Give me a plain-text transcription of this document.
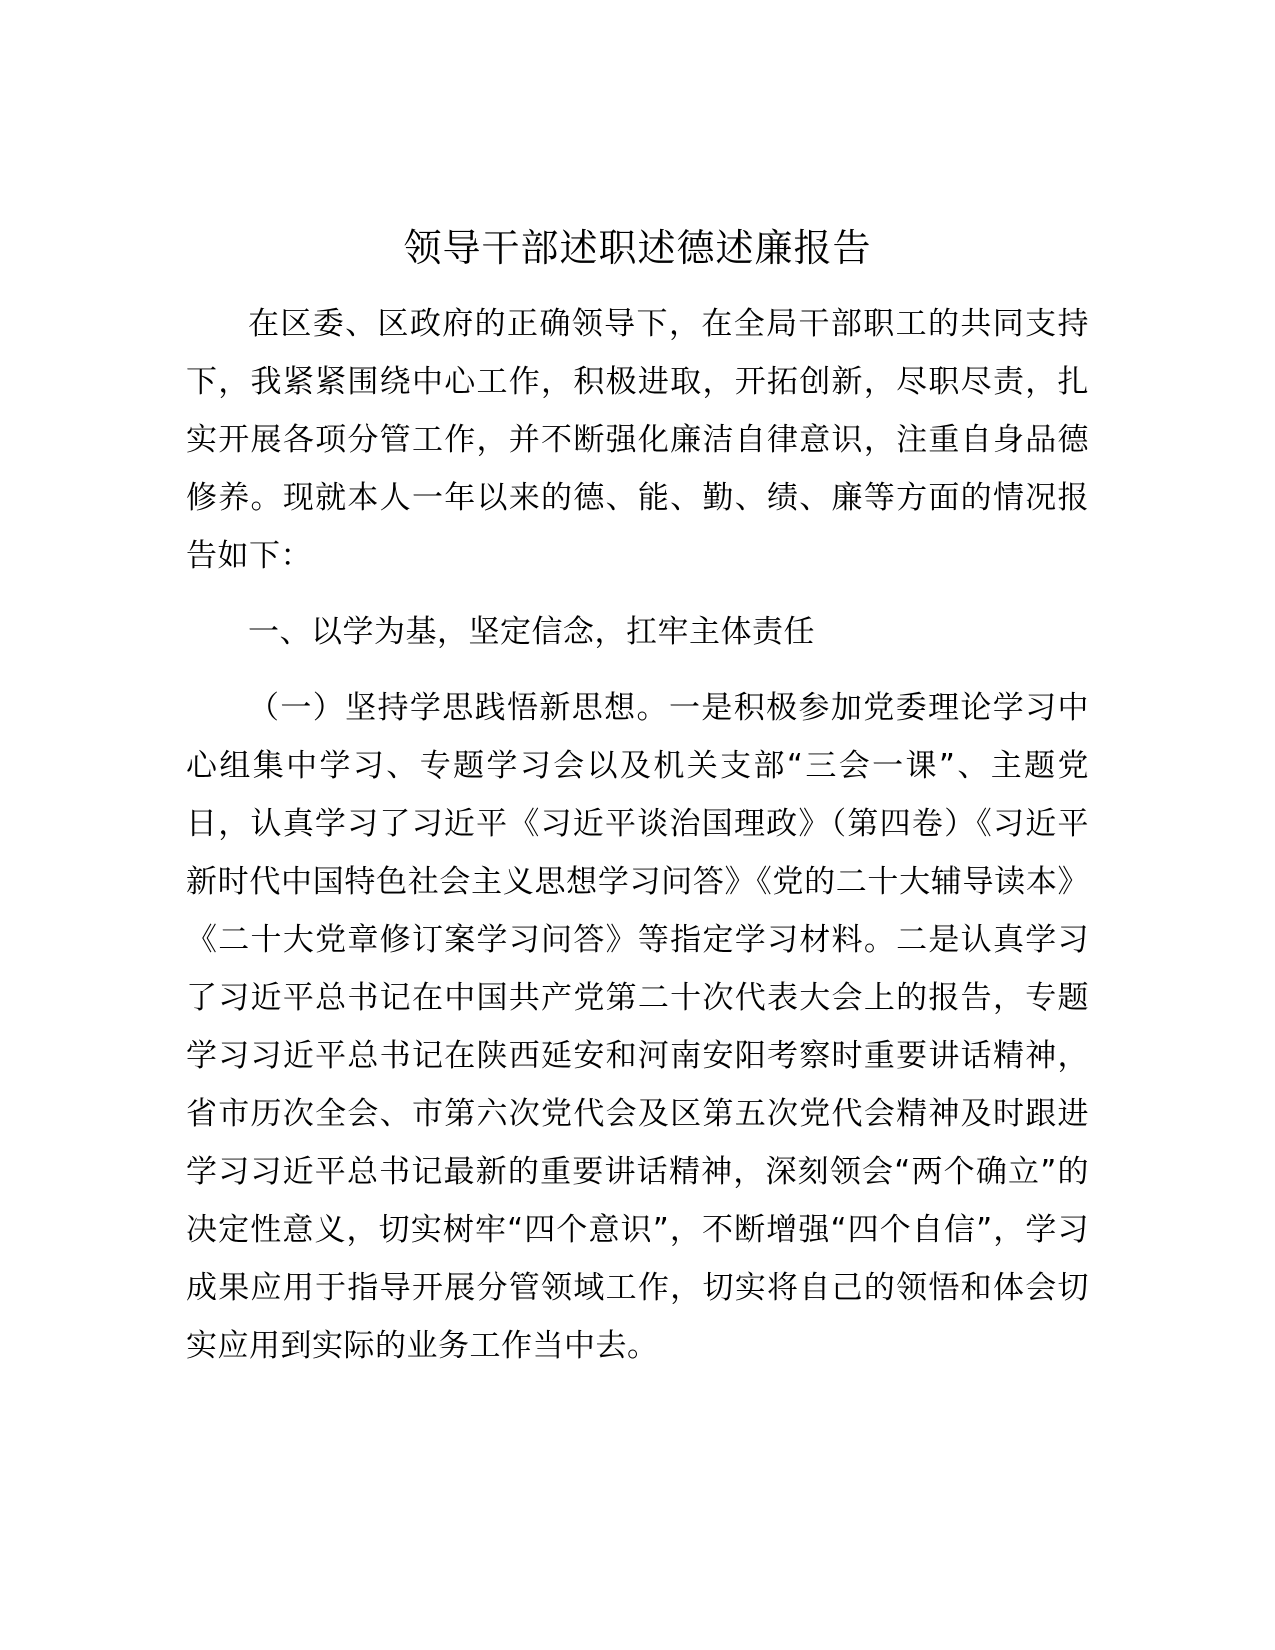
领导干部述职述德述廉报告

在区委、区政府的正确领导下，在全局干部职工的共同支持下，我紧紧围绕中心工作，积极进取，开拓创新，尽职尽责，扎实开展各项分管工作，并不断强化廉洁自律意识，注重自身品德修养。现就本人一年以来的德、能、勤、绩、廉等方面的情况报告如下：

一、以学为基，坚定信念，扛牢主体责任

（一）坚持学思践悟新思想。一是积极参加党委理论学习中心组集中学习、专题学习会以及机关支部“三会一课”、主题党日，认真学习了习近平《习近平谈治国理政》（第四卷）《习近平新时代中国特色社会主义思想学习问答》《党的二十大辅导读本》《二十大党章修订案学习问答》等指定学习材料。二是认真学习了习近平总书记在中国共产党第二十次代表大会上的报告，专题学习习近平总书记在陕西延安和河南安阳考察时重要讲话精神，省市历次全会、市第六次党代会及区第五次党代会精神及时跟进学习习近平总书记最新的重要讲话精神，深刻领会“两个确立”的决定性意义，切实树牢“四个意识”，不断增强“四个自信”，学习成果应用于指导开展分管领域工作，切实将自己的领悟和体会切实应用到实际的业务工作当中去。
